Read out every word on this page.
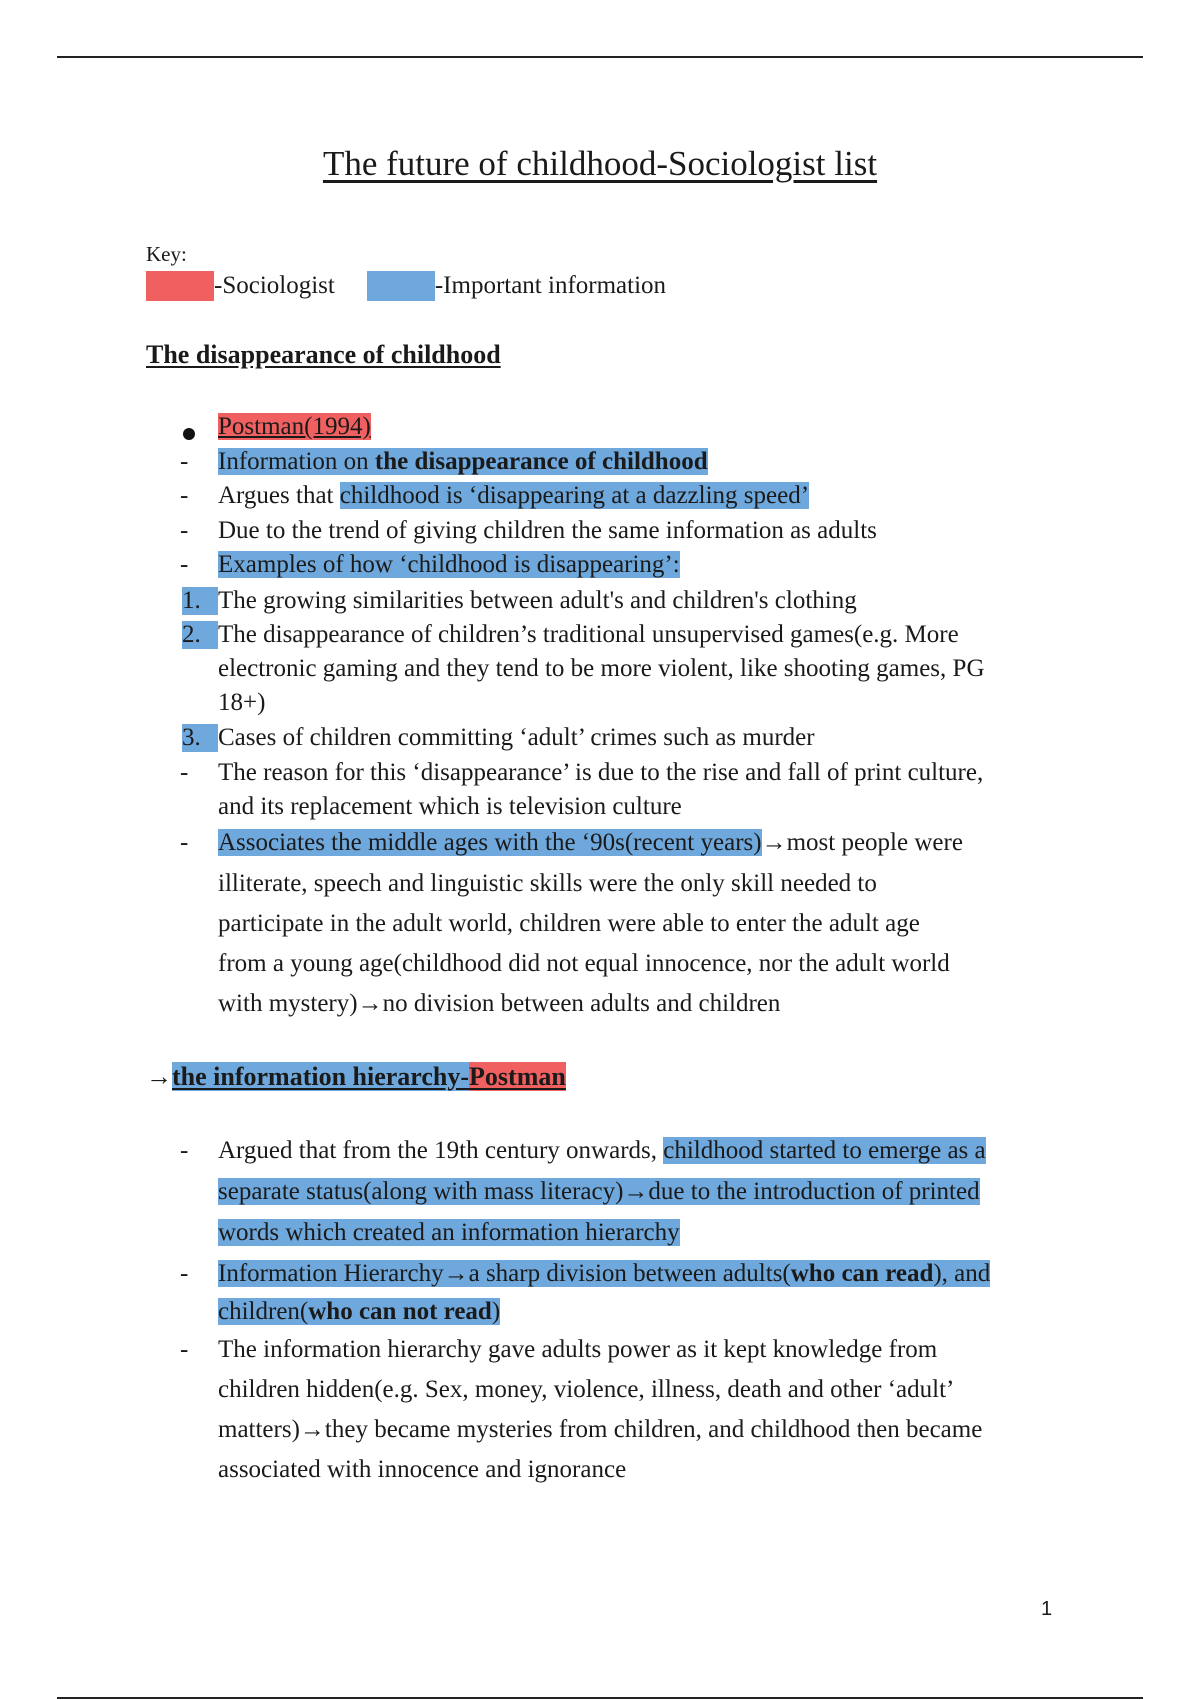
The future of childhood-Sociologist list
Key:
-Sociologist	-Important information
The disappearance of childhood
Postman(1994)
- Information on the disappearance of childhood
- Argues that childhood is ‘disappearing at a dazzling speed’
- Due to the trend of giving children the same information as adults
- Examples of how ‘childhood is disappearing’:
1. The growing similarities between adult's and children's clothing
2. The disappearance of children’s traditional unsupervised games(e.g. More
electronic gaming and they tend to be more violent, like shooting games, PG
18+)
3. Cases of children committing ‘adult’ crimes such as murder
- The reason for this ‘disappearance’ is due to the rise and fall of print culture,
and its replacement which is television culture
- Associates the middle ages with the ‘90s(recent years)→most people were
illiterate, speech and linguistic skills were the only skill needed to
participate in the adult world, children were able to enter the adult age
from a young age(childhood did not equal innocence, nor the adult world
with mystery)→no division between adults and children
→the information hierarchy-Postman
- Argued that from the 19th century onwards, childhood started to emerge as a
separate status(along with mass literacy)→due to the introduction of printed
words which created an information hierarchy
- Information Hierarchy→a sharp division between adults(who can read), and
children(who can not read)
- The information hierarchy gave adults power as it kept knowledge from
children hidden(e.g. Sex, money, violence, illness, death and other ‘adult’
matters)→they became mysteries from children, and childhood then became
associated with innocence and ignorance
1
